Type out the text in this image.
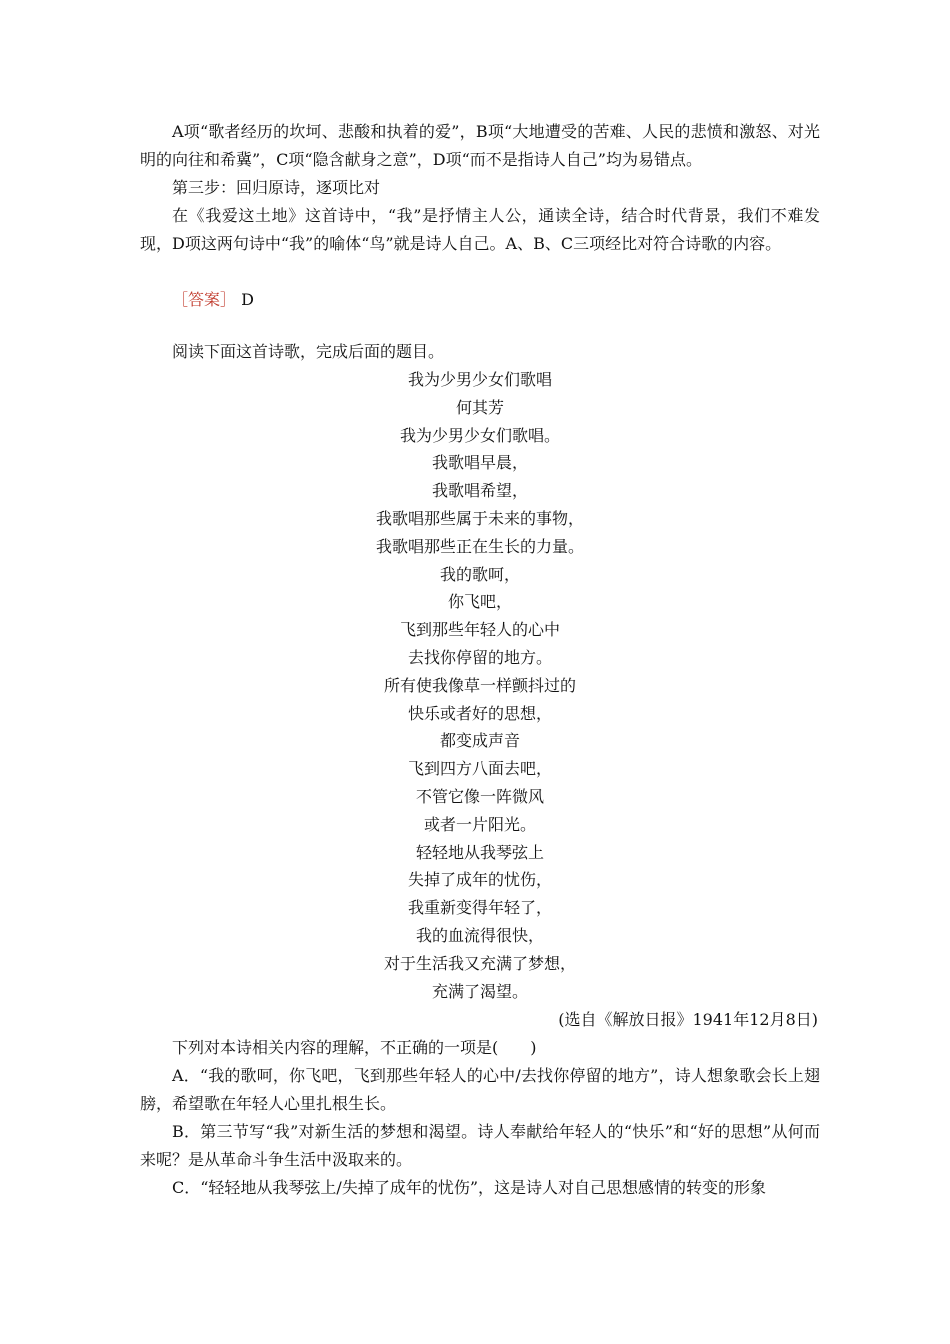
A项“歌者经历的坎坷、悲酸和执着的爱”，B项“大地遭受的苦难、人民的悲愤和激怒、对光明的向往和希冀”，C项“隐含献身之意”，D项“而不是指诗人自己”均为易错点。

第三步：回归原诗，逐项比对

在《我爱这土地》这首诗中，“我”是抒情主人公，通读全诗，结合时代背景，我们不难发现，D项这两句诗中“我”的喻体“鸟”就是诗人自己。A、B、C三项经比对符合诗歌的内容。

［答案］ D
阅读下面这首诗歌，完成后面的题目。
我为少男少女们歌唱
何其芳
我为少男少女们歌唱。
我歌唱早晨，
我歌唱希望，
我歌唱那些属于未来的事物，
我歌唱那些正在生长的力量。
我的歌呵，
你飞吧，
飞到那些年轻人的心中
去找你停留的地方。
所有使我像草一样颤抖过的
快乐或者好的思想，
都变成声音
飞到四方八面去吧，
不管它像一阵微风
或者一片阳光。
轻轻地从我琴弦上
失掉了成年的忧伤，
我重新变得年轻了，
我的血流得很快，
对于生活我又充满了梦想，
充满了渴望。
(选自《解放日报》1941年12月8日)
下列对本诗相关内容的理解，不正确的一项是(　　)

A．“我的歌呵，你飞吧，飞到那些年轻人的心中/去找你停留的地方”，诗人想象歌会长上翅膀，希望歌在年轻人心里扎根生长。

B．第三节写“我”对新生活的梦想和渴望。诗人奉献给年轻人的“快乐”和“好的思想”从何而来呢？是从革命斗争生活中汲取来的。

C．“轻轻地从我琴弦上/失掉了成年的忧伤”，这是诗人对自己思想感情的转变的形象
